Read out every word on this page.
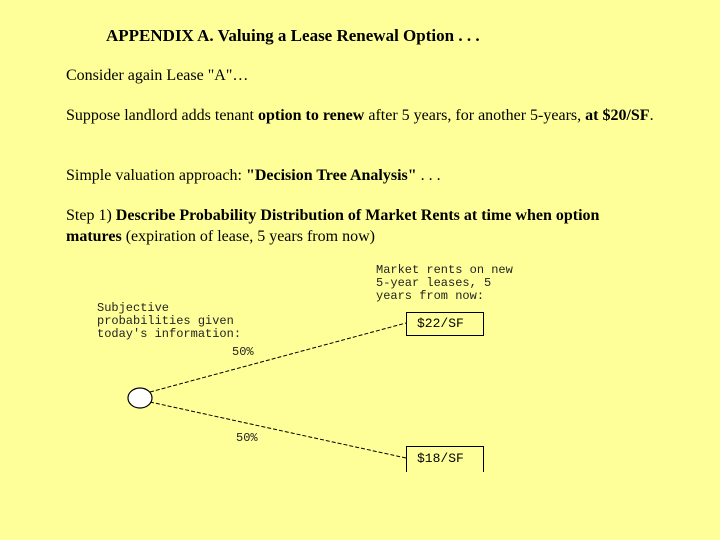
APPENDIX A. Valuing a Lease Renewal Option . . .
Consider again Lease "A"…
Suppose landlord adds tenant option to renew after 5 years, for another 5-years, at $20/SF.
Simple valuation approach: "Decision Tree Analysis" . . .
Step 1) Describe Probability Distribution of Market Rents at time when option matures (expiration of lease, 5 years from now)
Market rents on new
5-year leases, 5
years from now:
Subjective
probabilities given
today's information:
50%
50%
$22/SF
$18/SF
